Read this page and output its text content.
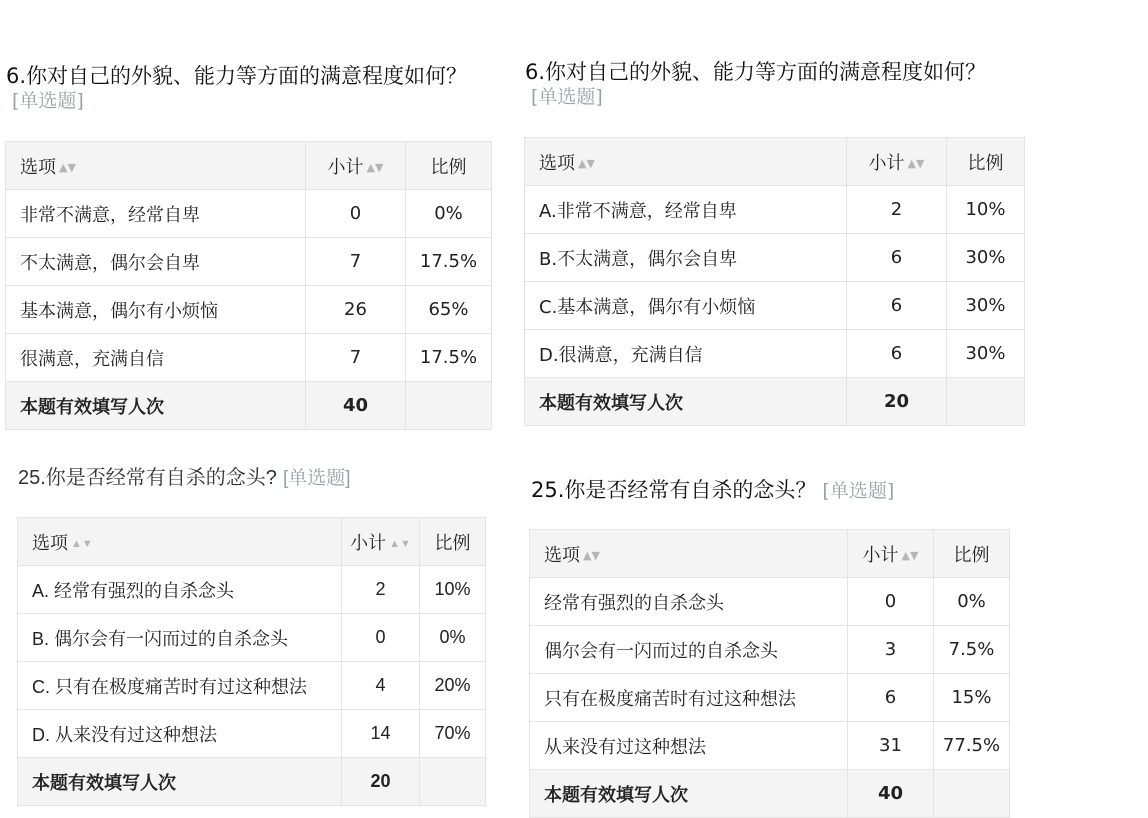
6.你对自己的外貌、能力等方面的满意程度如何？[单选题]
选项 ▲▼	小计 ▲▼	比例
非常不满意，经常自卑	0	0%
不太满意，偶尔会自卑	7	17.5%
基本满意，偶尔有小烦恼	26	65%
很满意，充满自信	7	17.5%
本题有效填写人次	40	
6.你对自己的外貌、能力等方面的满意程度如何？[单选题]
选项 ▲▼	小计 ▲▼	比例
A.非常不满意，经常自卑	2	10%
B.不太满意，偶尔会自卑	6	30%
C.基本满意，偶尔有小烦恼	6	30%
D.很满意，充满自信	6	30%
本题有效填写人次	20	
25.你是否经常有自杀的念头? [单选题]
选项 ▲▼	小计 ▲▼	比例
A. 经常有强烈的自杀念头	2	10%
B. 偶尔会有一闪而过的自杀念头	0	0%
C. 只有在极度痛苦时有过这种想法	4	20%
D. 从来没有过这种想法	14	70%
本题有效填写人次	20	
25.你是否经常有自杀的念头？ [单选题]
选项 ▲▼	小计 ▲▼	比例
经常有强烈的自杀念头	0	0%
偶尔会有一闪而过的自杀念头	3	7.5%
只有在极度痛苦时有过这种想法	6	15%
从来没有过这种想法	31	77.5%
本题有效填写人次	40	
